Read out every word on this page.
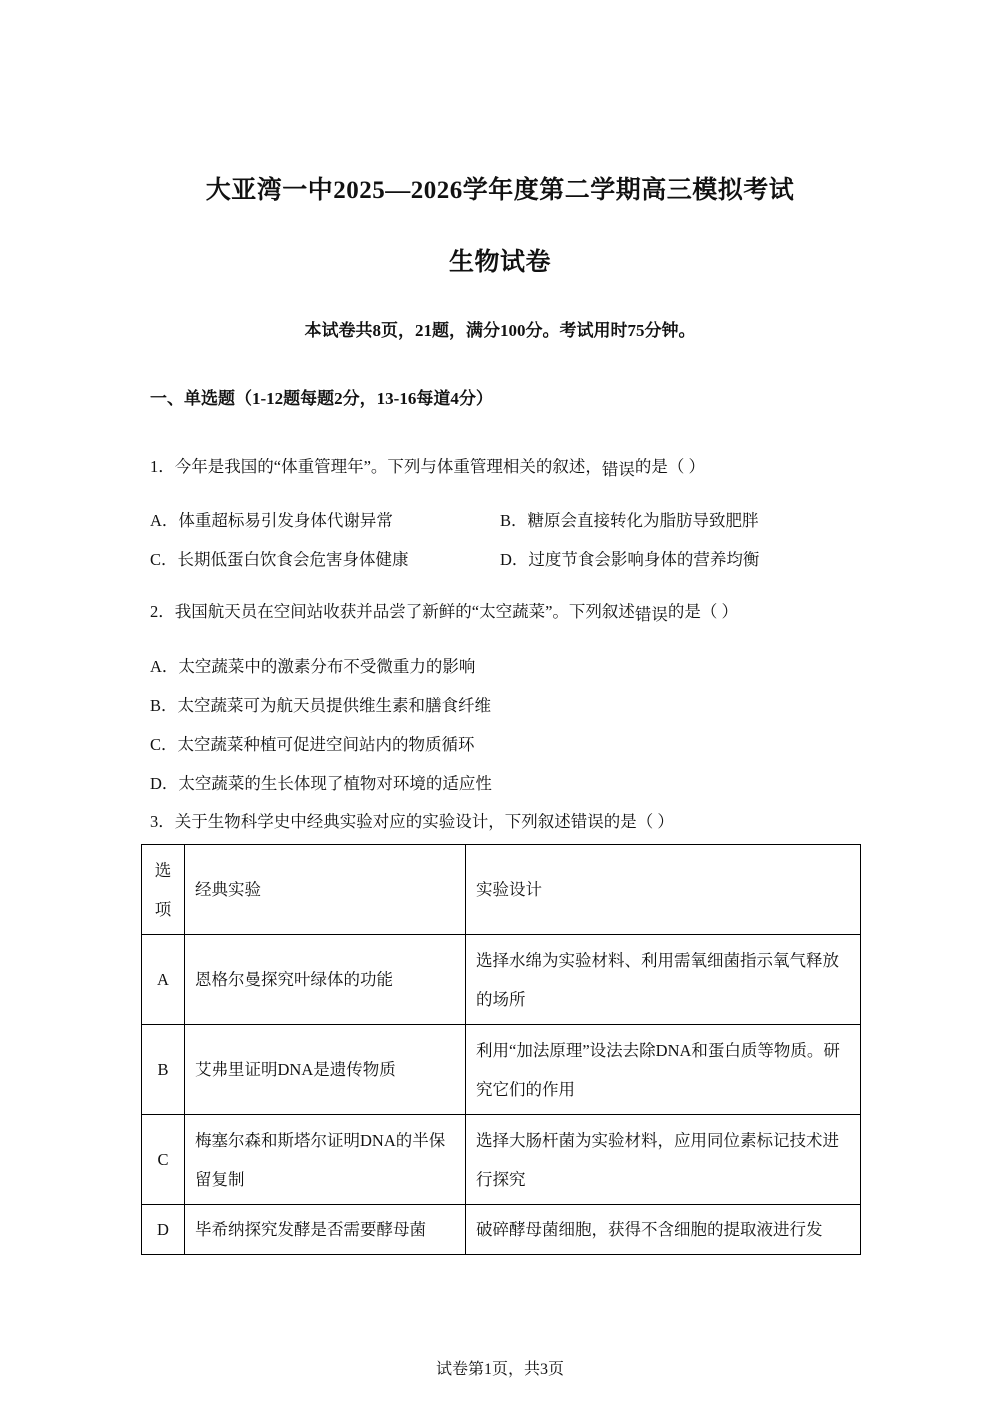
大亚湾一中2025—2026学年度第二学期高三模拟考试
生物试卷
本试卷共8页，21题，满分100分。考试用时75分钟。
一、单选题（1-12题每题2分，13-16每道4分）
1．今年是我国的“体重管理年”。下列与体重管理相关的叙述，错误的是（ ）
A．体重超标易引发身体代谢异常	B．糖原会直接转化为脂肪导致肥胖
C．长期低蛋白饮食会危害身体健康	D．过度节食会影响身体的营养均衡
2．我国航天员在空间站收获并品尝了新鲜的“太空蔬菜”。下列叙述错误的是（ ）
A．太空蔬菜中的激素分布不受微重力的影响
B．太空蔬菜可为航天员提供维生素和膳食纤维
C．太空蔬菜种植可促进空间站内的物质循环
D．太空蔬菜的生长体现了植物对环境的适应性
3．关于生物科学史中经典实验对应的实验设计，下列叙述错误的是（ ）
选
项	经典实验	实验设计
A	恩格尔曼探究叶绿体的功能	选择水绵为实验材料、利用需氧细菌指示氧气释放的场所
B	艾弗里证明DNA是遗传物质	利用“加法原理”设法去除DNA和蛋白质等物质。研究它们的作用
C	梅塞尔森和斯塔尔证明DNA的半保留复制	选择大肠杆菌为实验材料，应用同位素标记技术进行探究
D	毕希纳探究发酵是否需要酵母菌	破碎酵母菌细胞，获得不含细胞的提取液进行发
试卷第1页，共3页
